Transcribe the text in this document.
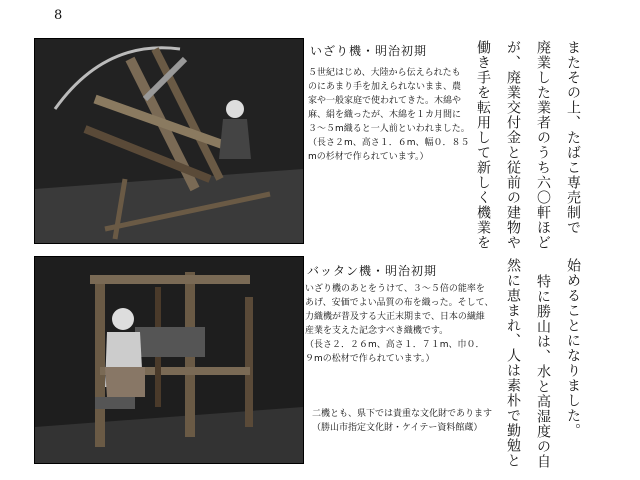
8
いざり機・明治初期
５世紀はじめ、大陸から伝えられたも
のにあまり手を加えられないまま、農
家や一般家庭で使われてきた。木綿や
麻、絹を織ったが、木綿を１カ月間に
３～５m織ると一人前といわれました。
（長さ２m、高さ１．６m、幅０．８５
mの杉材で作られています。）
バッタン機・明治初期
いざり機のあとをうけて、３～５倍の能率を
あげ、安価でよい品質の布を織った。そして、
力織機が普及する大正末期まで、日本の繊維
産業を支えた記念すべき織機です。
（長さ２．２６m、高さ１．７１m、巾０．
９mの松材で作られています。）
二機とも、県下では貴重な文化財であります
（勝山市指定文化財・ケイテー資料館蔵）
またその上、たばこ専売制で
廃業した業者のうち六〇軒ほど
が、廃業交付金と従前の建物や
働き手を転用して新しく機業を
始めることになりました。
特に勝山は、水と高湿度の自
然に恵まれ、人は素朴で勤勉と
